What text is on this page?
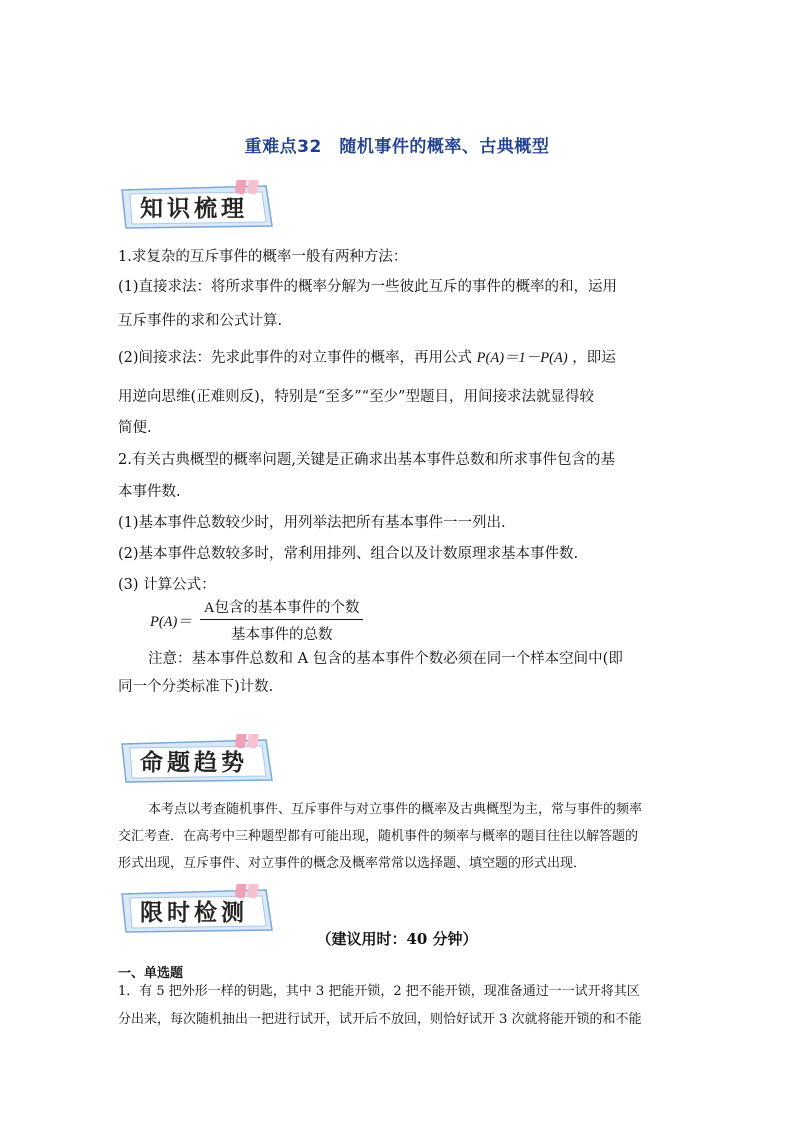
重难点32　随机事件的概率、古典概型
知识梳理
1.求复杂的互斥事件的概率一般有两种方法：
(1)直接求法：将所求事件的概率分解为一些彼此互斥的事件的概率的和，运用
互斥事件的求和公式计算.
(2)间接求法：先求此事件的对立事件的概率，再用公式 P(A)＝1－P(A) ，即运
用逆向思维(正难则反)，特别是“至多”“至少”型题目，用间接求法就显得较
简便.
2.有关古典概型的概率问题,关键是正确求出基本事件总数和所求事件包含的基
本事件数.
(1)基本事件总数较少时，用列举法把所有基本事件一一列出.
(2)基本事件总数较多时，常利用排列、组合以及计数原理求基本事件数.
(3) 计算公式：
P(A)＝
A包含的基本事件的个数
基本事件的总数
注意：基本事件总数和 A 包含的基本事件个数必须在同一个样本空间中(即
同一个分类标准下)计数.
命题趋势
本考点以考查随机事件、互斥事件与对立事件的概率及古典概型为主，常与事件的频率
交汇考查．在高考中三种题型都有可能出现，随机事件的频率与概率的题目往往以解答题的
形式出现，互斥事件、对立事件的概念及概率常常以选择题、填空题的形式出现．
限时检测
（建议用时：40 分钟）
一、单选题
1．有 5 把外形一样的钥匙，其中 3 把能开锁，2 把不能开锁，现准备通过一一试开将其区
分出来，每次随机抽出一把进行试开，试开后不放回，则恰好试开 3 次就将能开锁的和不能
